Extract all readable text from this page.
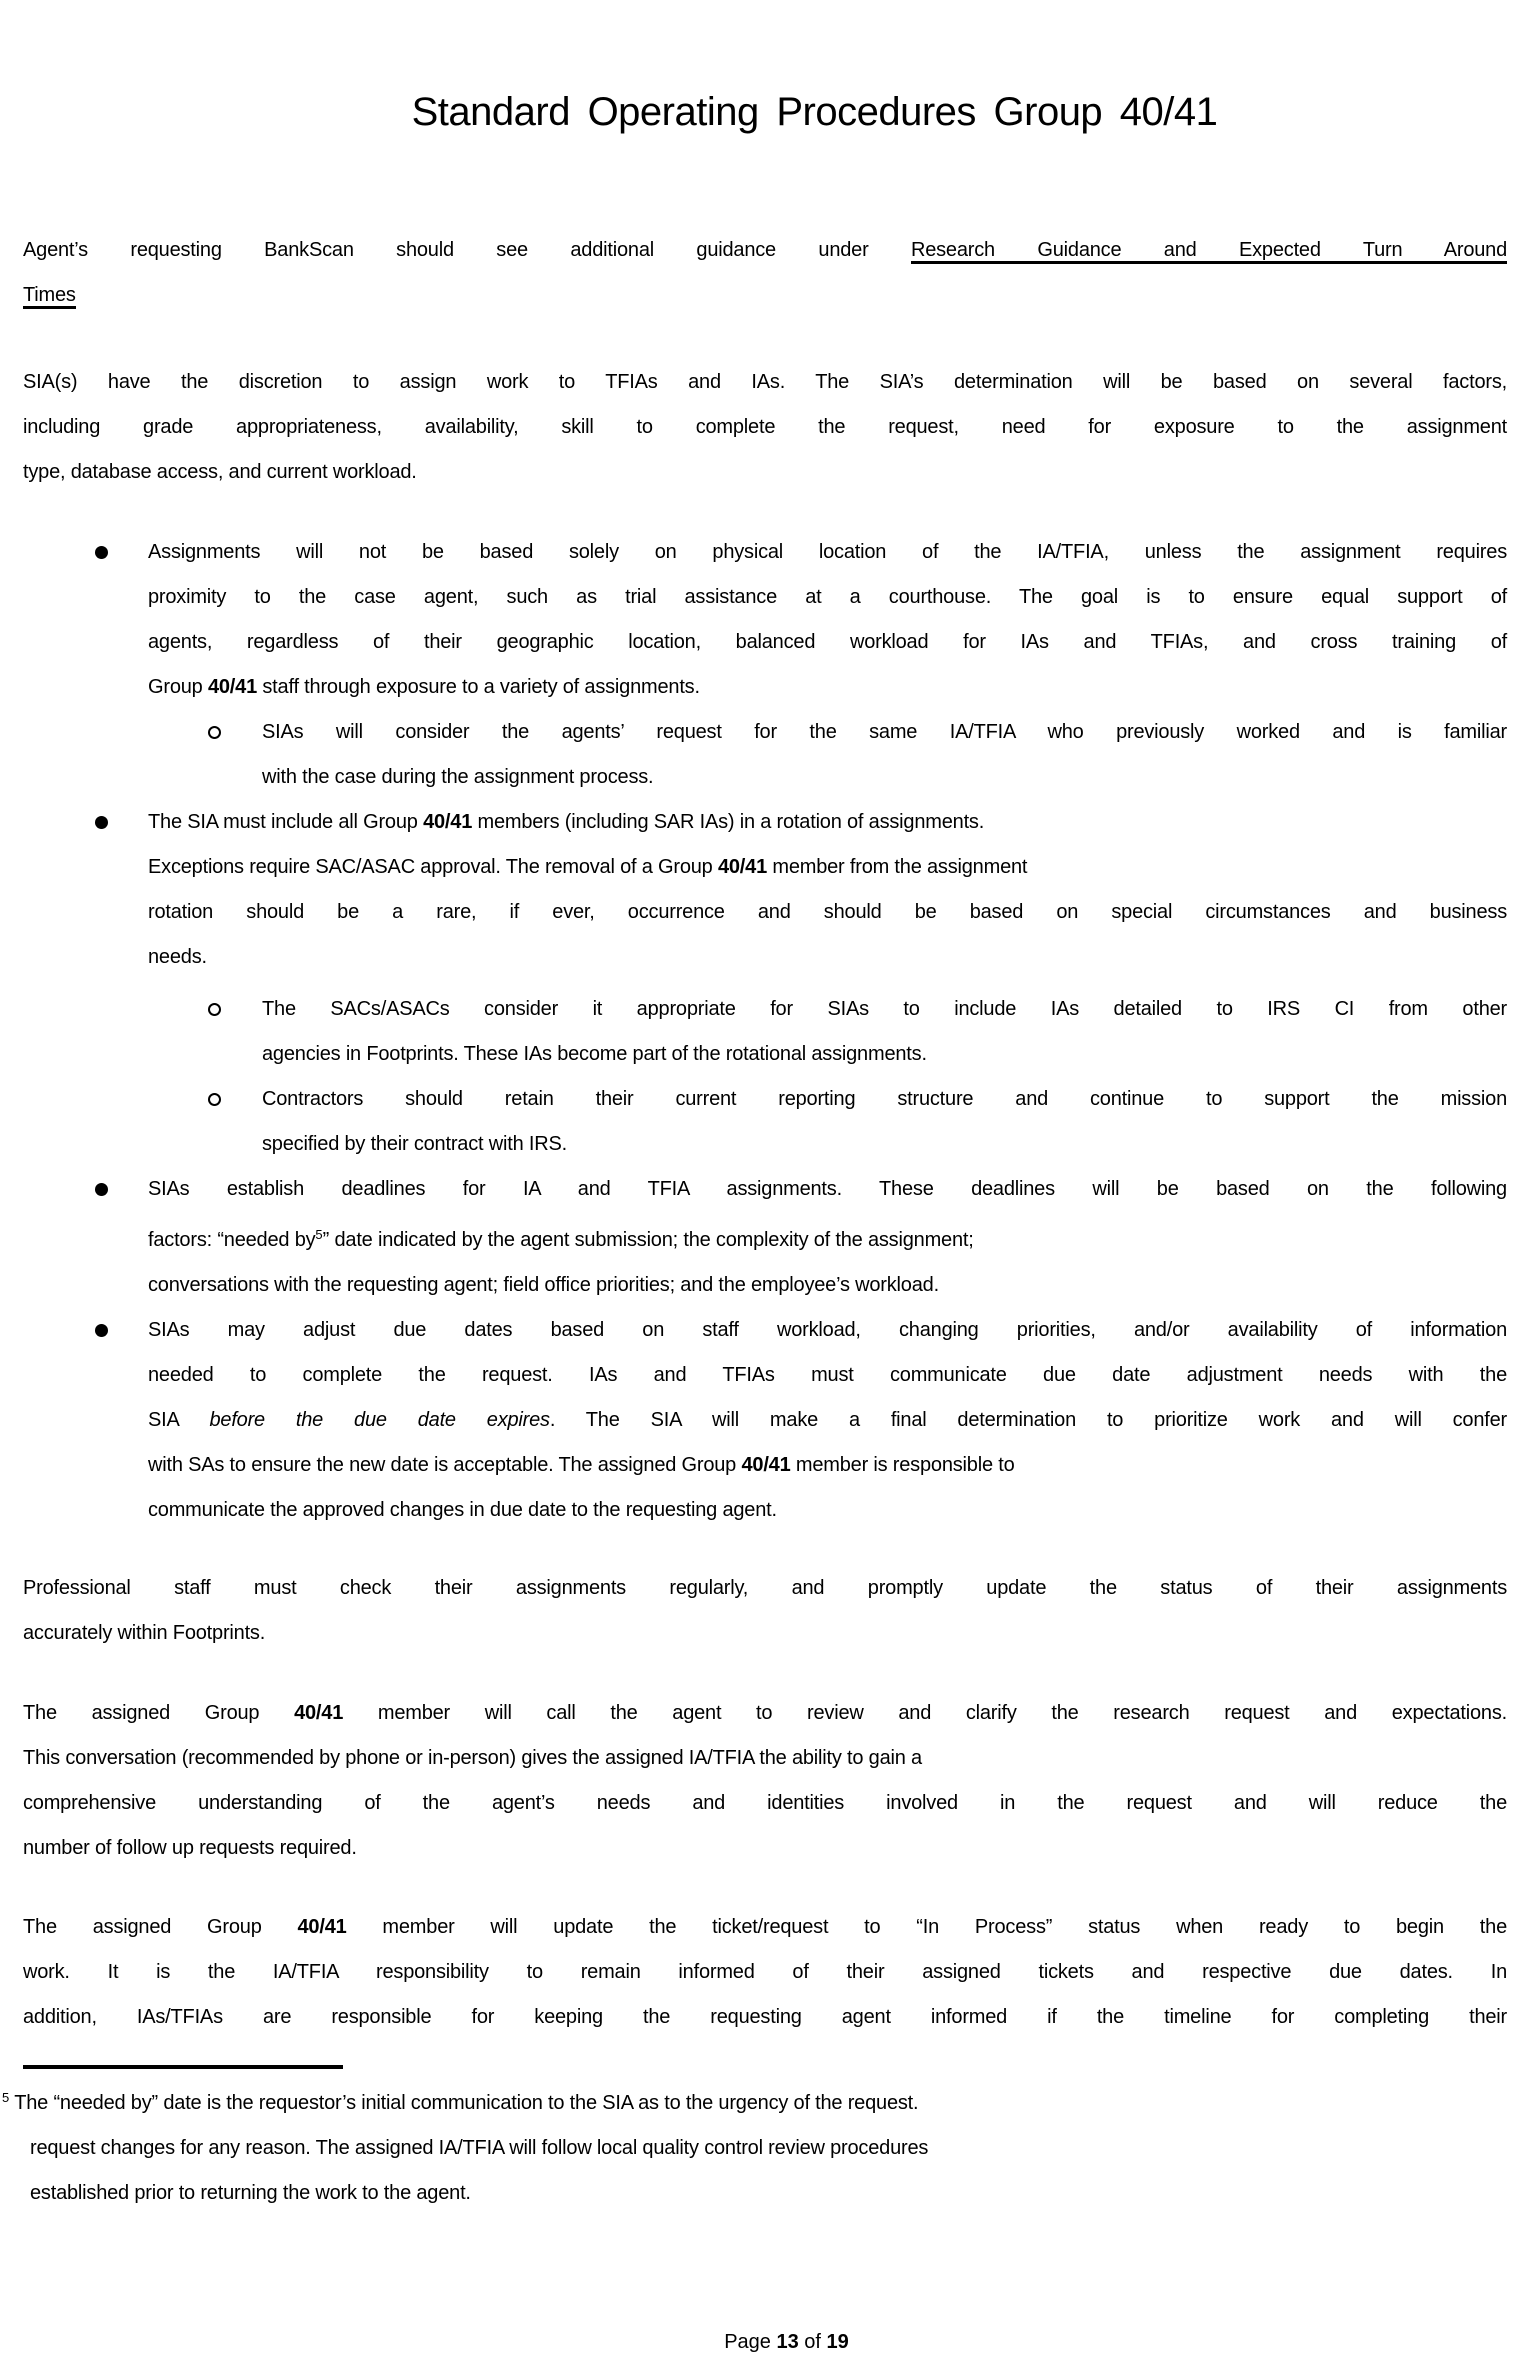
Standard Operating Procedures Group 40/41
Agent’s requesting BankScan should see additional guidance under Research Guidance and Expected Turn Around
Times
SIA(s) have the discretion to assign work to TFIAs and IAs. The SIA’s determination will be based on several factors,
including grade appropriateness, availability, skill to complete the request, need for exposure to the assignment
type, database access, and current workload.
Assignments will not be based solely on physical location of the IA/TFIA, unless the assignment requires
proximity to the case agent, such as trial assistance at a courthouse. The goal is to ensure equal support of
agents, regardless of their geographic location, balanced workload for IAs and TFIAs, and cross training of
Group 40/41 staff through exposure to a variety of assignments.
SIAs will consider the agents’ request for the same IA/TFIA who previously worked and is familiar
with the case during the assignment process.
The SIA must include all Group 40/41 members (including SAR IAs) in a rotation of assignments.
Exceptions require SAC/ASAC approval. The removal of a Group 40/41 member from the assignment
rotation should be a rare, if ever, occurrence and should be based on special circumstances and business
needs.
The SACs/ASACs consider it appropriate for SIAs to include IAs detailed to IRS CI from other
agencies in Footprints. These IAs become part of the rotational assignments.
Contractors should retain their current reporting structure and continue to support the mission
specified by their contract with IRS.
SIAs establish deadlines for IA and TFIA assignments. These deadlines will be based on the following
factors: “needed $by^5$” date indicated by the agent submission; the complexity of the assignment;
conversations with the requesting agent; field office priorities; and the employee’s workload.
SIAs may adjust due dates based on staff workload, changing priorities, and/or availability of information
needed to complete the request. IAs and TFIAs must communicate due date adjustment needs with the
SIA before the due date expires. The SIA will make a final determination to prioritize work and will confer
with SAs to ensure the new date is acceptable. The assigned Group 40/41 member is responsible to
communicate the approved changes in due date to the requesting agent.
Professional staff must check their assignments regularly, and promptly update the status of their assignments
accurately within Footprints.
The assigned Group 40/41 member will call the agent to review and clarify the research request and expectations.
This conversation (recommended by phone or in-person) gives the assigned IA/TFIA the ability to gain a
comprehensive understanding of the agent’s needs and identities involved in the request and will reduce the
number of follow up requests required.
The assigned Group 40/41 member will update the ticket/request to “In Process” status when ready to begin the
work. It is the IA/TFIA responsibility to remain informed of their assigned tickets and respective due dates. In
addition, IAs/TFIAs are responsible for keeping the requesting agent informed if the timeline for completing their
$^5$ The “needed by” date is the requestor’s initial communication to the SIA as to the urgency of the request.
request changes for any reason. The assigned IA/TFIA will follow local quality control review procedures
established prior to returning the work to the agent.
Page 13 of 19
